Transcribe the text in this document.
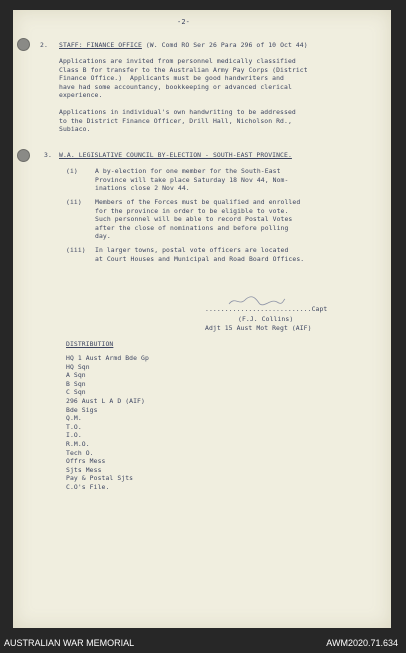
-2-
2. STAFF: FINANCE OFFICE (W. Comd RO Ser 26 Para 296 of 10 Oct 44)
Applications are invited from personnel medically classified
Class B for transfer to the Australian Army Pay Corps (District
Finance Office.)  Applicants must be good handwriters and
have had some accountancy, bookkeeping or advanced clerical
experience.
Applications in individual's own handwriting to be addressed
to the District Finance Officer, Drill Hall, Nicholson Rd.,
Subiaco.
3. W.A. LEGISLATIVE COUNCIL BY-ELECTION - SOUTH-EAST PROVINCE.
(i)	A by-election for one member for the South-East
Province will take place Saturday 18 Nov 44, Nom-
inations close 2 Nov 44.
(ii) Members of the Forces must be qualified and enrolled
for the province in order to be eligible to vote.
Such personnel will be able to record Postal Votes
after the close of nominations and before polling
day.
(iii) In larger towns, postal vote officers are located
at Court Houses and Municipal and Road Board Offices.
...........................Capt
(F.J. Collins)
Adjt 15 Aust Mot Regt (AIF)
DISTRIBUTION
HQ 1 Aust Armd Bde Gp
HQ Sqn
A Sqn
B Sqn
C Sqn
296 Aust L A D (AIF)
Bde Sigs
Q.M.
T.O.
I.O.
R.M.O.
Tech O.
Offrs Mess
Sjts Mess
Pay & Postal Sjts
C.O's File.
AUSTRALIAN WAR MEMORIAL	AWM2020.71.634
